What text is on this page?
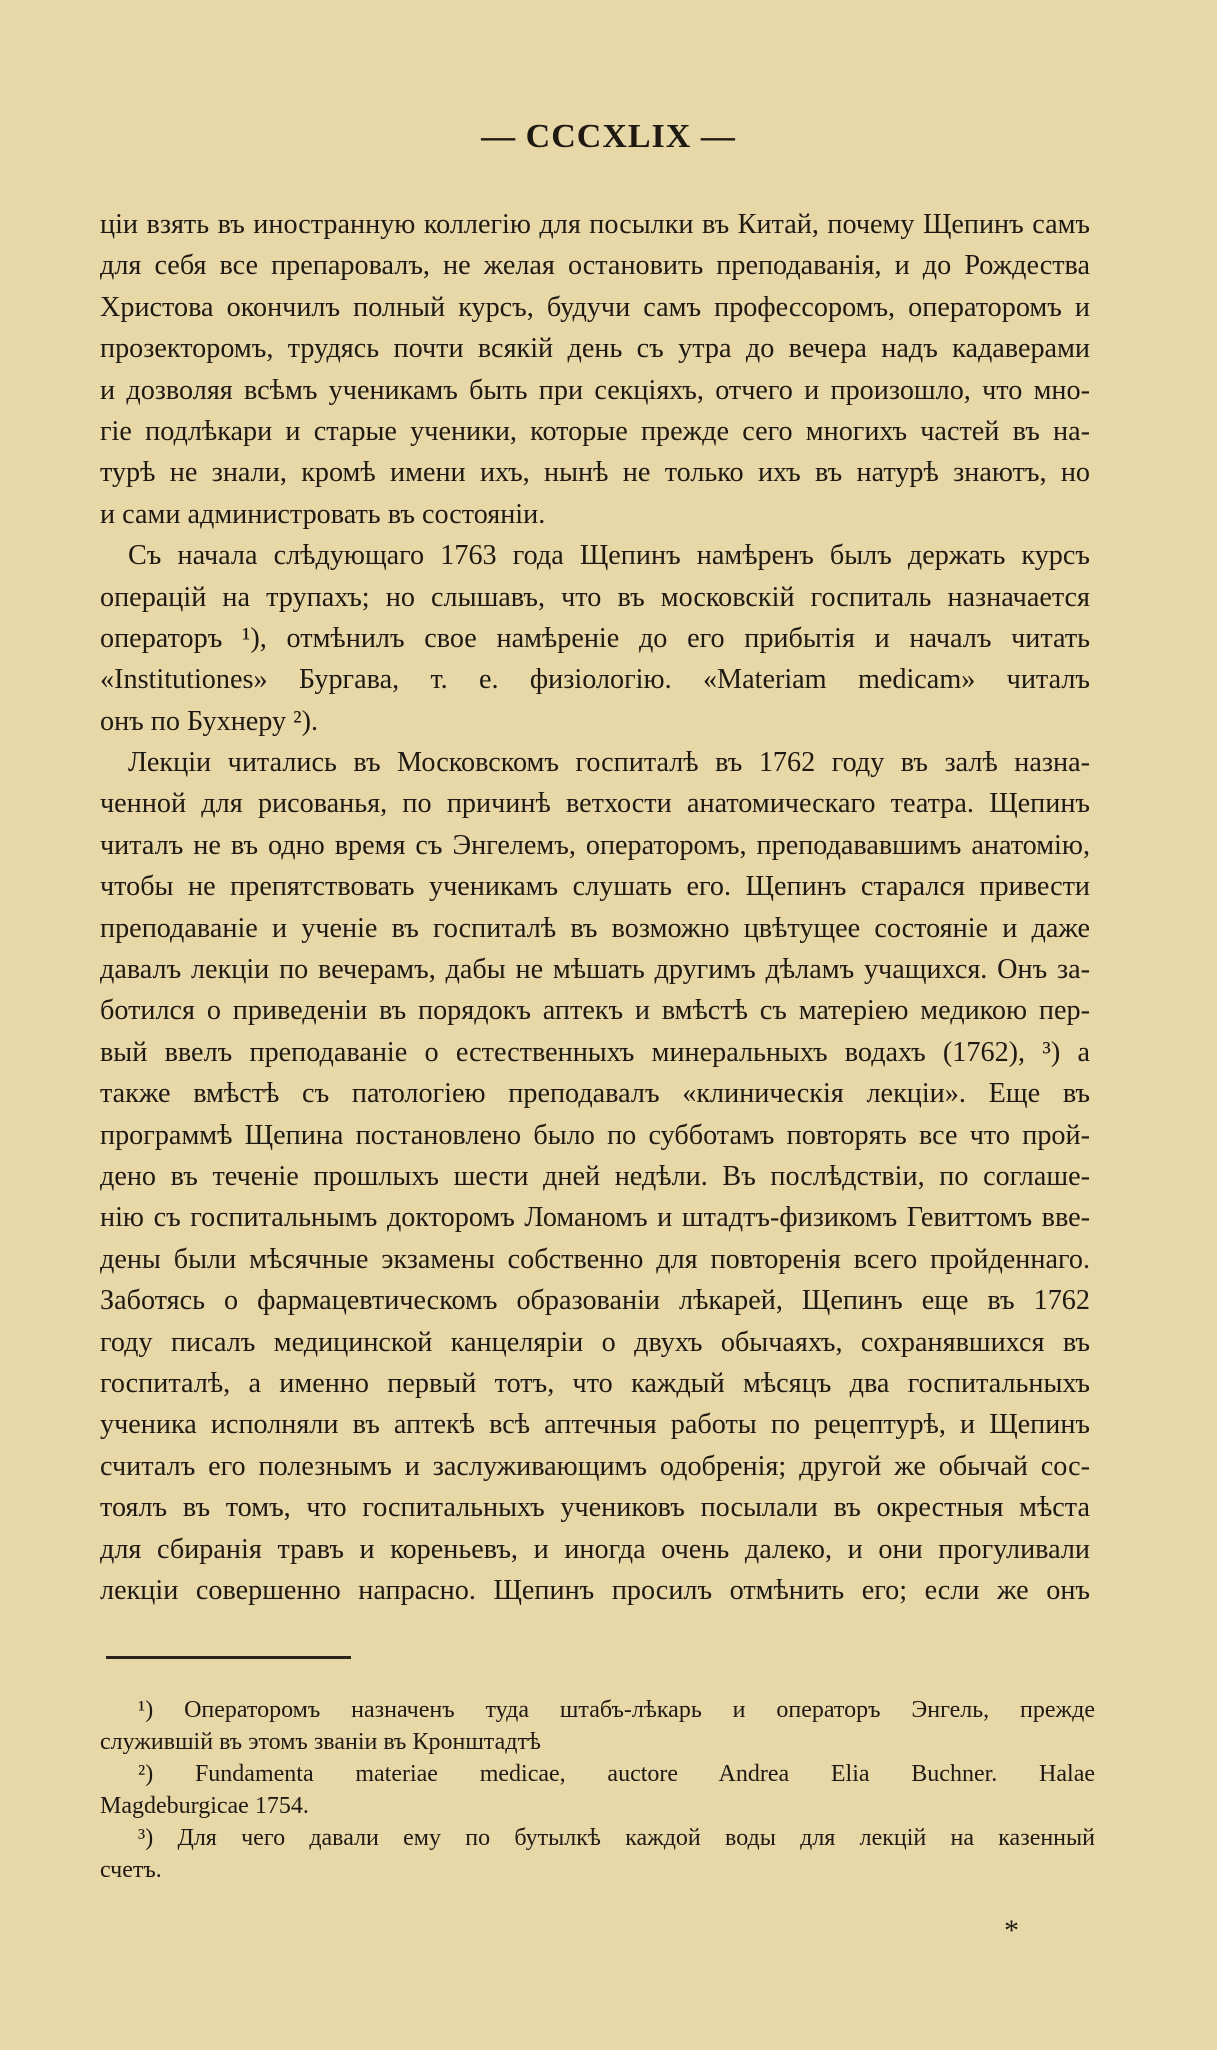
— CCCXLIX —
ціи взять въ иностранную коллегію для посылки въ Китай, почему Щепинъ самъ
для себя все препаровалъ, не желая остановить преподаванія, и до Рождества
Христова окончилъ полный курсъ, будучи самъ профессоромъ, операторомъ и
прозекторомъ, трудясь почти всякій день съ утра до вечера надъ кадаверами
и дозволяя всѣмъ ученикамъ быть при секціяхъ, отчего и произошло, что мно-
гіе подлѣкари и старые ученики, которые прежде сего многихъ частей въ на-
турѣ не знали, кромѣ имени ихъ, нынѣ не только ихъ въ натурѣ знаютъ, но
и сами администровать въ состояніи.
Съ начала слѣдующаго 1763 года Щепинъ намѣренъ былъ держать курсъ
операцій на трупахъ; но слышавъ, что въ московскій госпиталь назначается
операторъ ¹), отмѣнилъ свое намѣреніе до его прибытія и началъ читать
«Institutiones» Бургава, т. е. физіологію. «Materiam medicam» читалъ
онъ по Бухнеру ²).
Лекціи читались въ Московскомъ госпиталѣ въ 1762 году въ залѣ назна-
ченной для рисованья, по причинѣ ветхости анатомическаго театра. Щепинъ
читалъ не въ одно время съ Энгелемъ, операторомъ, преподававшимъ анатомію,
чтобы не препятствовать ученикамъ слушать его. Щепинъ старался привести
преподаваніе и ученіе въ госпиталѣ въ возможно цвѣтущее состояніе и даже
давалъ лекціи по вечерамъ, дабы не мѣшать другимъ дѣламъ учащихся. Онъ за-
ботился о приведеніи въ порядокъ аптекъ и вмѣстѣ съ матеріею медикою пер-
вый ввелъ преподаваніе о естественныхъ минеральныхъ водахъ (1762), ³) а
также вмѣстѣ съ патологіею преподавалъ «клиническія лекціи». Еще въ
программѣ Щепина постановлено было по субботамъ повторять все что прой-
дено въ теченіе прошлыхъ шести дней недѣли. Въ послѣдствіи, по соглаше-
нію съ госпитальнымъ докторомъ Ломаномъ и штадтъ-физикомъ Гевиттомъ вве-
дены были мѣсячные экзамены собственно для повторенія всего пройденнаго.
Заботясь о фармацевтическомъ образованіи лѣкарей, Щепинъ еще въ 1762
году писалъ медицинской канцеляріи о двухъ обычаяхъ, сохранявшихся въ
госпиталѣ, а именно первый тотъ, что каждый мѣсяцъ два госпитальныхъ
ученика исполняли въ аптекѣ всѣ аптечныя работы по рецептурѣ, и Щепинъ
считалъ его полезнымъ и заслуживающимъ одобренія; другой же обычай сос-
тоялъ въ томъ, что госпитальныхъ учениковъ посылали въ окрестныя мѣста
для сбиранія травъ и кореньевъ, и иногда очень далеко, и они прогуливали
лекціи совершенно напрасно. Щепинъ просилъ отмѣнить его; если же онъ
¹) Операторомъ назначенъ туда штабъ-лѣкарь и операторъ Энгель, прежде
служившій въ этомъ званіи въ Кронштадтѣ
²) Fundamenta materiae medicae, auctore Andrea Elia Buchner. Halae
Magdeburgicae 1754.
³) Для чего давали ему по бутылкѣ каждой воды для лекцій на казенный
счетъ.
*
